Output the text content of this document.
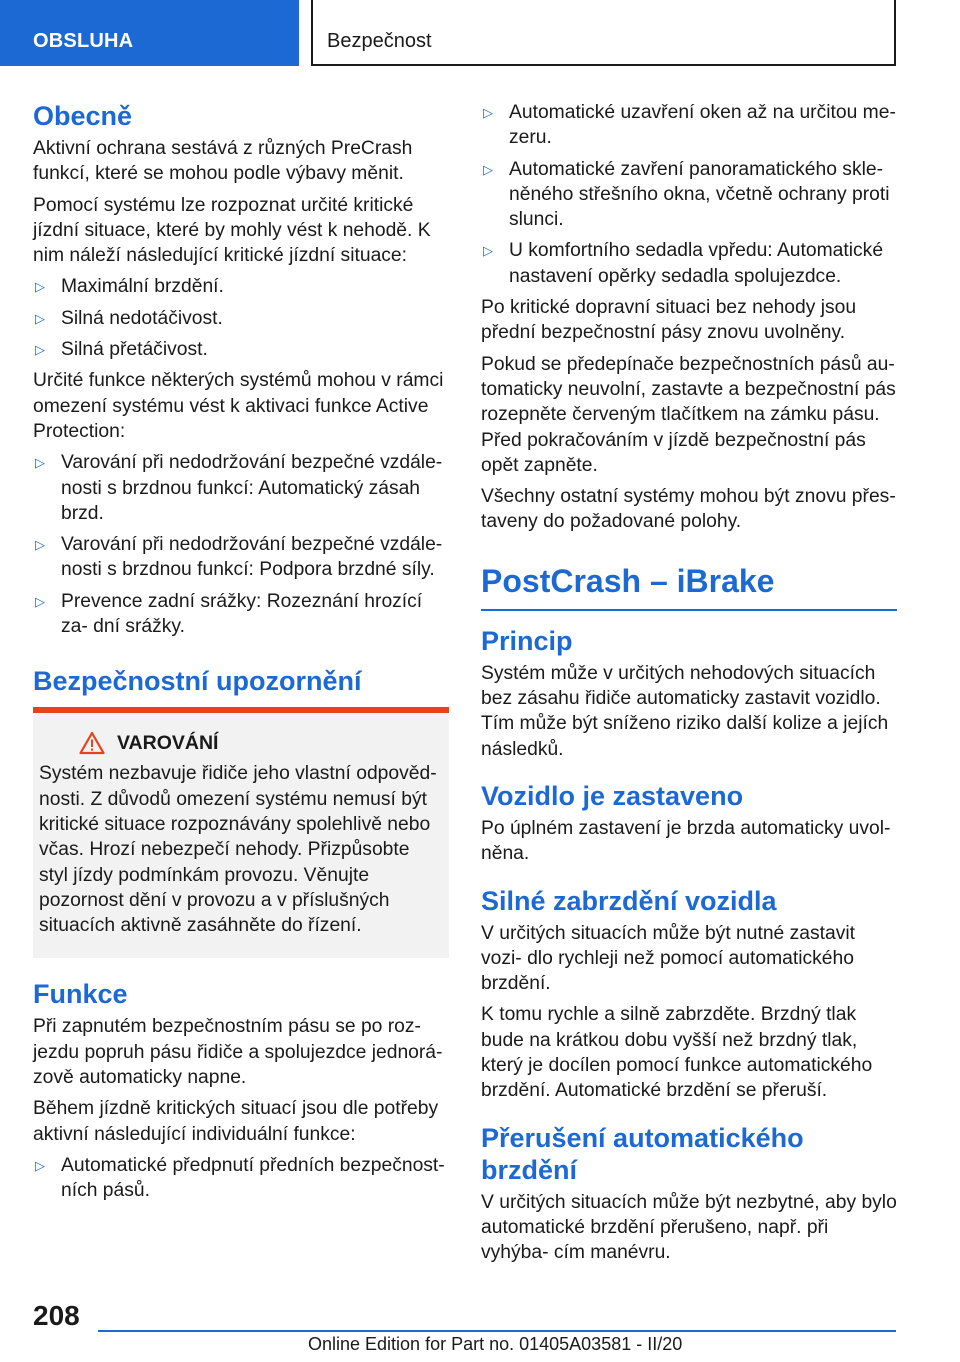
OBSLUHA	Bezpečnost
Obecně

Aktivní ochrana sestává z různých PreCrash funkcí, které se mohou podle výbavy měnit.

Pomocí systému lze rozpoznat určité kritické jízdní situace, které by mohly vést k nehodě. K nim náleží následující kritické jízdní situace:

▷ Maximální brzdění.
▷ Silná nedotáčivost.
▷ Silná přetáčivost.

Určité funkce některých systémů mohou v rámci omezení systému vést k aktivaci funkce Active Protection:

▷ Varování při nedodržování bezpečné vzdále‐ nosti s brzdnou funkcí: Automatický zásah brzd.
▷ Varování při nedodržování bezpečné vzdále‐ nosti s brzdnou funkcí: Podpora brzdné síly.
▷ Prevence zadní srážky: Rozeznání hrozící za‐ dní srážky.
Bezpečnostní upozornění
VAROVÁNÍ

Systém nezbavuje řidiče jeho vlastní odpověd‐ nosti. Z důvodů omezení systému nemusí být kritické situace rozpoznávány spolehlivě nebo včas. Hrozí nebezpečí nehody. Přizpůsobte styl jízdy podmínkám provozu. Věnujte pozornost dění v provozu a v příslušných situacích aktivně zasáhněte do řízení.

Funkce

Při zapnutém bezpečnostním pásu se po roz‐ jezdu popruh pásu řidiče a spolujezdce jednorá‐ zově automaticky napne.

Během jízdně kritických situací jsou dle potřeby aktivní následující individuální funkce:

▷ Automatické předpnutí předních bezpečnost‐ ních pásů.
▷ Automatické uzavření oken až na určitou me‐ zeru.
▷ Automatické zavření panoramatického skle‐ něného střešního okna, včetně ochrany proti slunci.
▷ U komfortního sedadla vpředu: Automatické nastavení opěrky sedadla spolujezdce.

Po kritické dopravní situaci bez nehody jsou přední bezpečnostní pásy znovu uvolněny.

Pokud se předepínače bezpečnostních pásů au‐ tomaticky neuvolní, zastavte a bezpečnostní pás rozepněte červeným tlačítkem na zámku pásu. Před pokračováním v jízdě bezpečnostní pás opět zapněte.

Všechny ostatní systémy mohou být znovu přes‐ taveny do požadované polohy.

PostCrash – iBrake
Princip

Systém může v určitých nehodových situacích bez zásahu řidiče automaticky zastavit vozidlo. Tím může být sníženo riziko další kolize a jejích následků.

Vozidlo je zastaveno

Po úplném zastavení je brzda automaticky uvol‐ něna.

Silné zabrzdění vozidla

V určitých situacích může být nutné zastavit vozi‐ dlo rychleji než pomocí automatického brzdění.

K tomu rychle a silně zabrzděte. Brzdný tlak bude na krátkou dobu vyšší než brzdný tlak, který je docílen pomocí funkce automatického brzdění. Automatické brzdění se přeruší.

Přerušení automatického brzdění

V určitých situacích může být nezbytné, aby bylo automatické brzdění přerušeno, např. při vyhýba‐ cím manévru.

208
Online Edition for Part no. 01405A03581 - II/20
